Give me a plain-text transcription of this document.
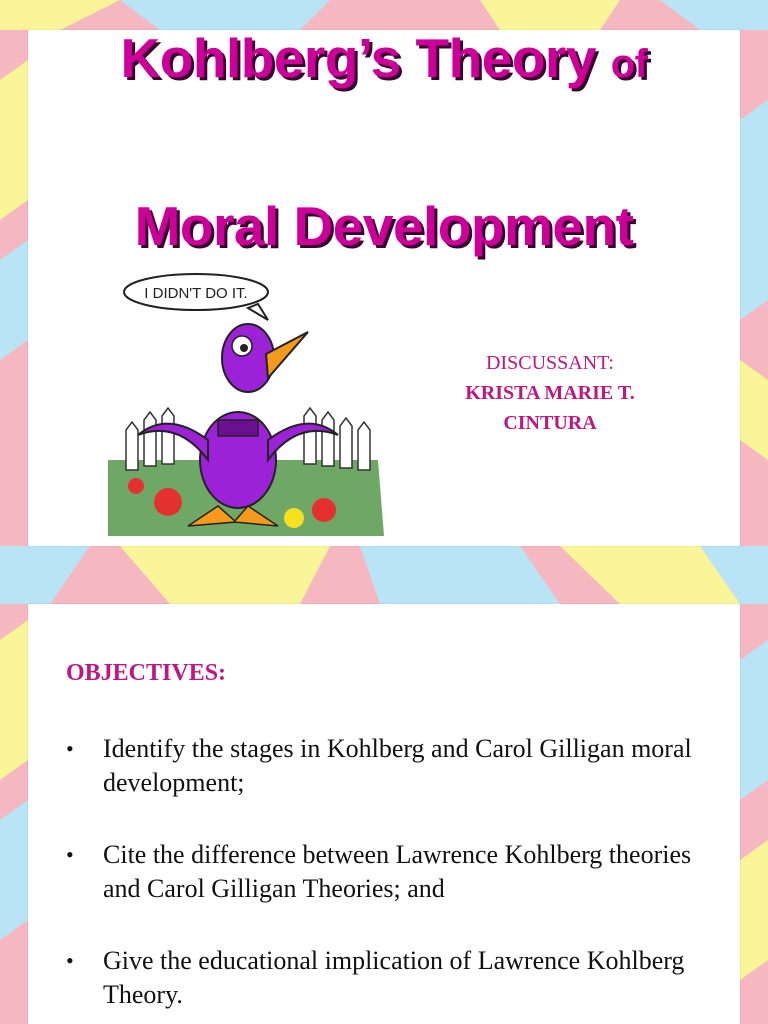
Kohlberg’s Theory of
Moral Development
I DIDN'T DO IT.
DISCUSSANT:
KRISTA MARIE T.
CINTURA
OBJECTIVES:
• Identify the stages in Kohlberg and Carol Gilligan moral development;
• Cite the difference between Lawrence Kohlberg theories and Carol Gilligan Theories; and
• Give the educational implication of Lawrence Kohlberg Theory.
